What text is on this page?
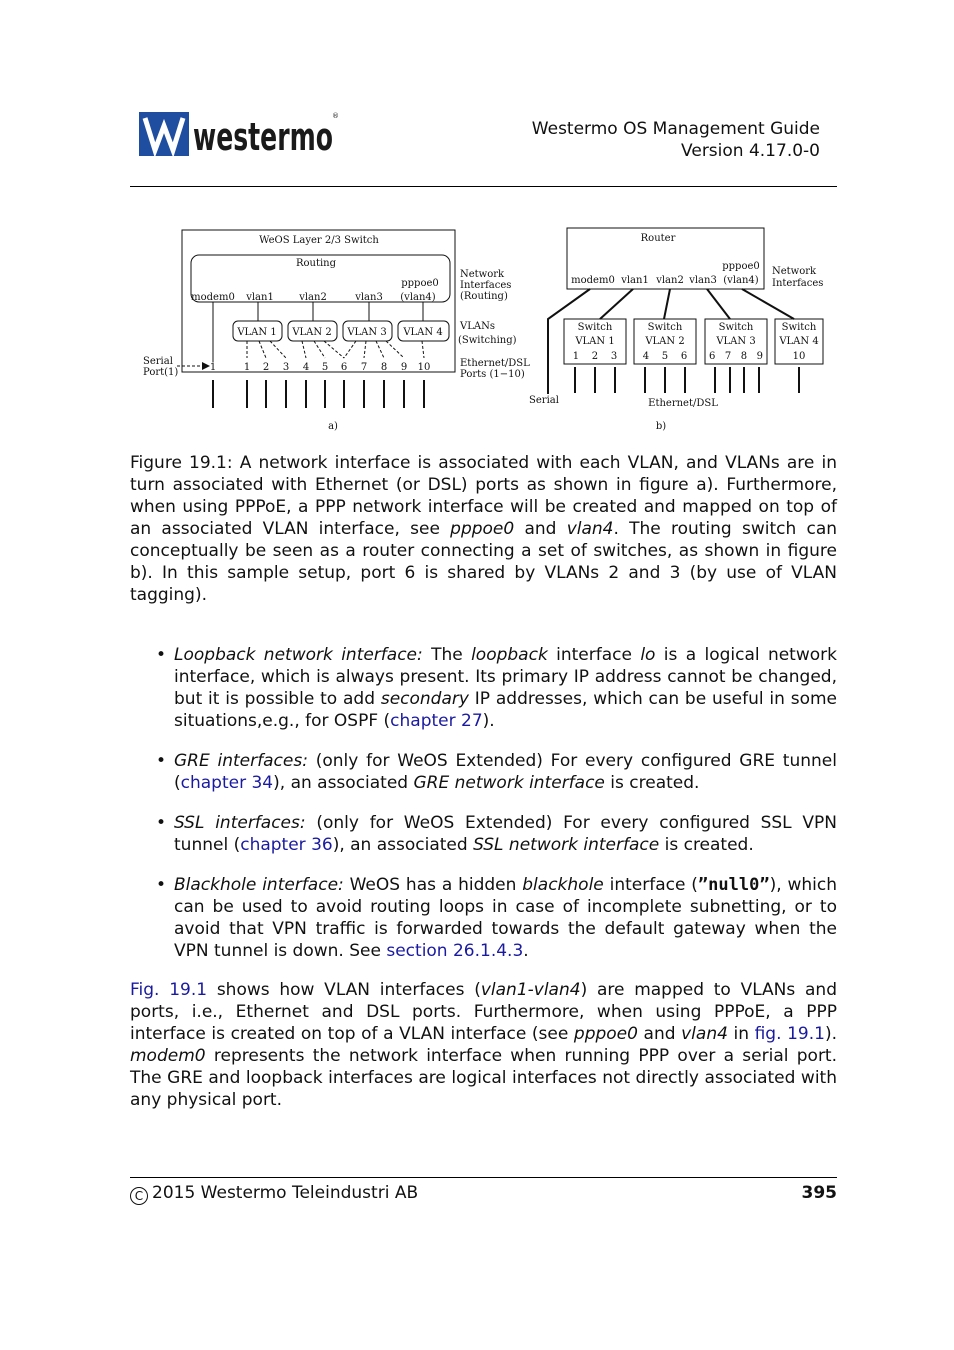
westermo ®
Westermo OS Management Guide
Version 4.17.0-0
WeOS Layer 2/3 Switch
Routing
pppoe0
(vlan4)
modem0 vlan1	vlan2	vlan3
VLAN 1 VLAN 2 VLAN 3 VLAN 4
Serial
Port(1)	1	1 2 3 4 5 6 7 8 9 10
Network
Interfaces
(Routing)
VLANs
(Switching)
Ethernet/DSL
Ports (1−10)
a)
Router
pppoe0
(vlan4)
modem0 vlan1 vlan2 vlan3
Network
Interfaces
Switch
VLAN 1
1    2    3
Switch
VLAN 2
4    5    6
Switch
VLAN 3
6   7   8   9
Switch
VLAN 4
10
Serial	Ethernet/DSL
b)
Figure 19.1: A network interface is associated with each VLAN, and VLANs are in turn associated with Ethernet (or DSL) ports as shown in figure a). Furthermore, when using PPPoE, a PPP network interface will be created and mapped on top of an associated VLAN interface, see pppoe0 and vlan4. The routing switch can conceptually be seen as a router connecting a set of switches, as shown in figure b). In this sample setup, port 6 is shared by VLANs 2 and 3 (by use of VLAN tagging).
• Loopback network interface: The loopback interface lo is a logical network interface, which is always present. Its primary IP address cannot be changed, but it is possible to add secondary IP addresses, which can be useful in some situations,e.g., for OSPF (chapter 27).
• GRE interfaces: (only for WeOS Extended) For every configured GRE tunnel (chapter 34), an associated GRE network interface is created.
• SSL interfaces: (only for WeOS Extended) For every configured SSL VPN tunnel (chapter 36), an associated SSL network interface is created.
• Blackhole interface: WeOS has a hidden blackhole interface (”null0”), which can be used to avoid routing loops in case of incomplete subnetting, or to avoid that VPN traffic is forwarded towards the default gateway when the VPN tunnel is down. See section 26.1.4.3.

Fig. 19.1 shows how VLAN interfaces (vlan1-vlan4) are mapped to VLANs and ports, i.e., Ethernet and DSL ports. Furthermore, when using PPPoE, a PPP interface is created on top of a VLAN interface (see pppoe0 and vlan4 in fig. 19.1). modem0 represents the network interface when running PPP over a serial port. The GRE and loopback interfaces are logical interfaces not directly associated with any physical port.

C 2015 Westermo Teleindustri AB	395
